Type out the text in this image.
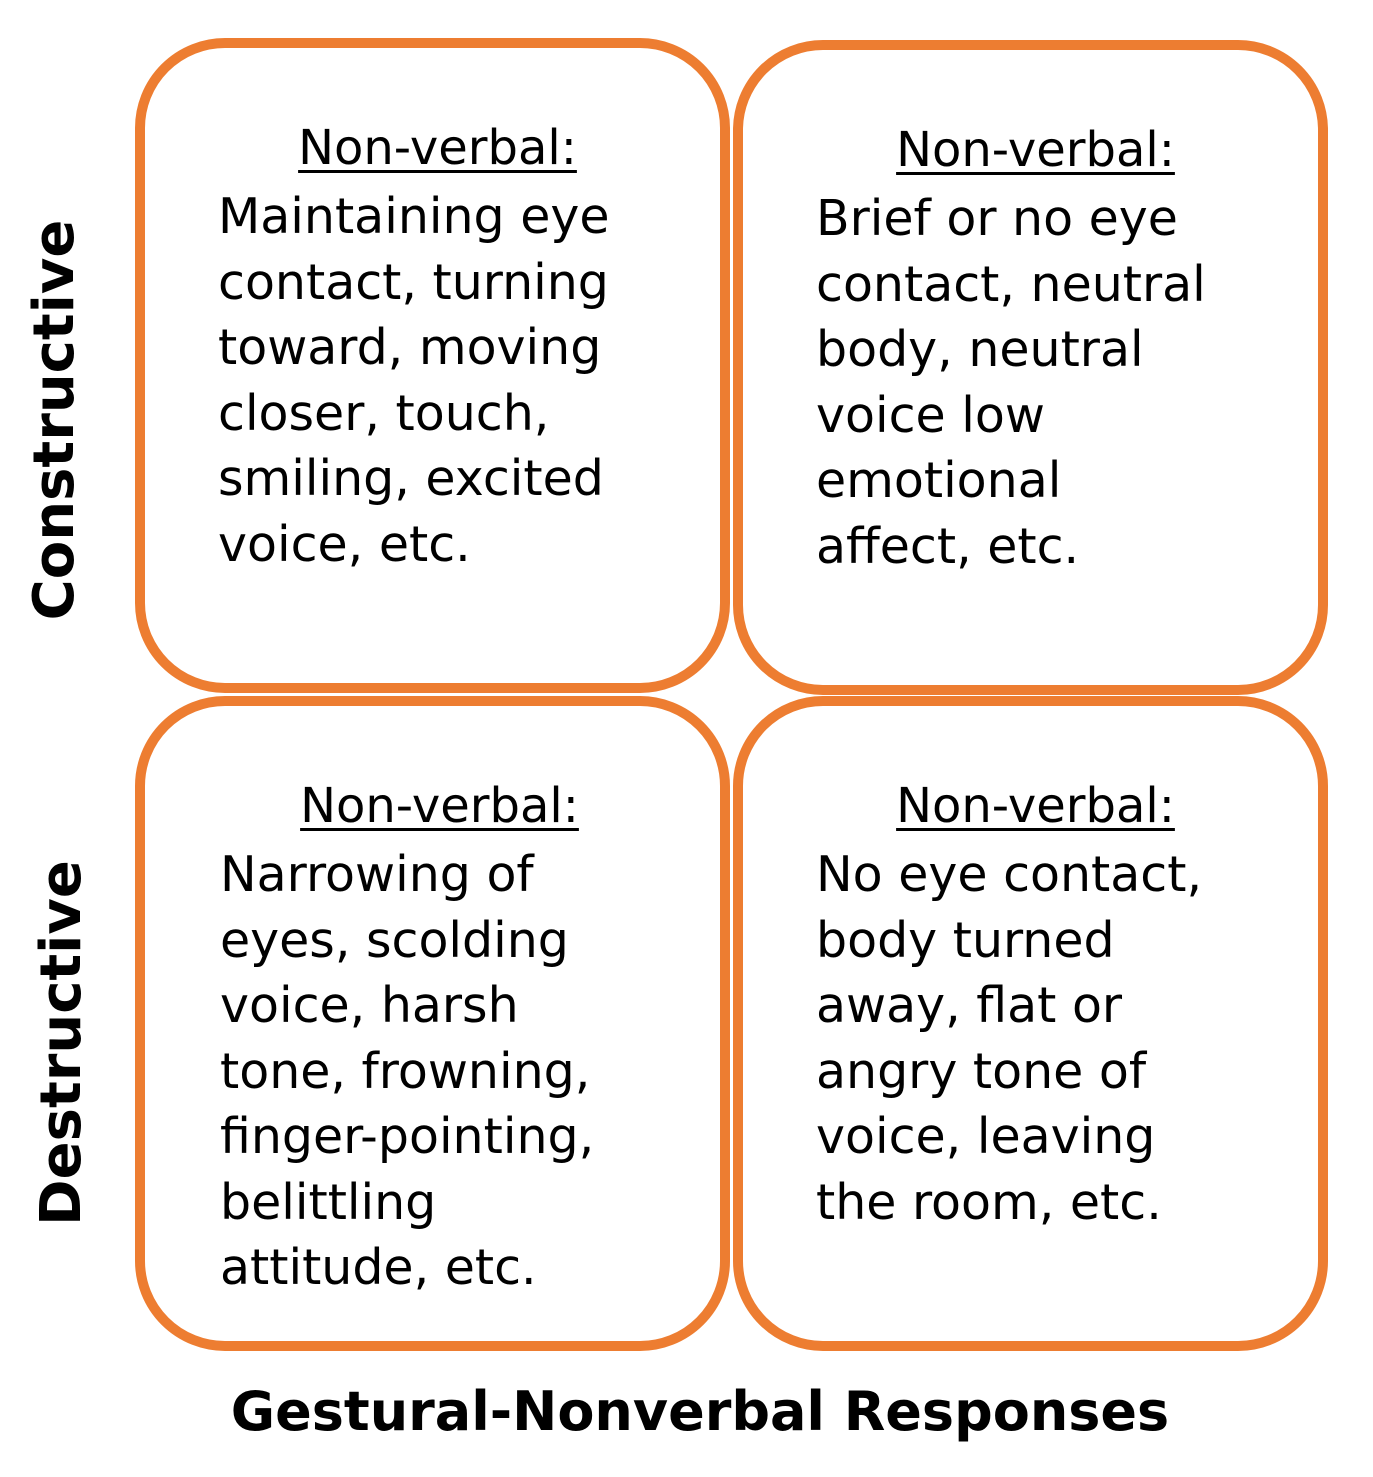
Constructive
Destructive
Non-verbal:
Maintaining eye
contact, turning
toward, moving
closer, touch,
smiling, excited
voice, etc.
Non-verbal:
Brief or no eye
contact, neutral
body, neutral
voice low
emotional
affect, etc.
Non-verbal:
Narrowing of
eyes, scolding
voice, harsh
tone, frowning,
finger-pointing,
belittling
attitude, etc.
Non-verbal:
No eye contact,
body turned
away, flat or
angry tone of
voice, leaving
the room, etc.
Gestural-Nonverbal Responses
